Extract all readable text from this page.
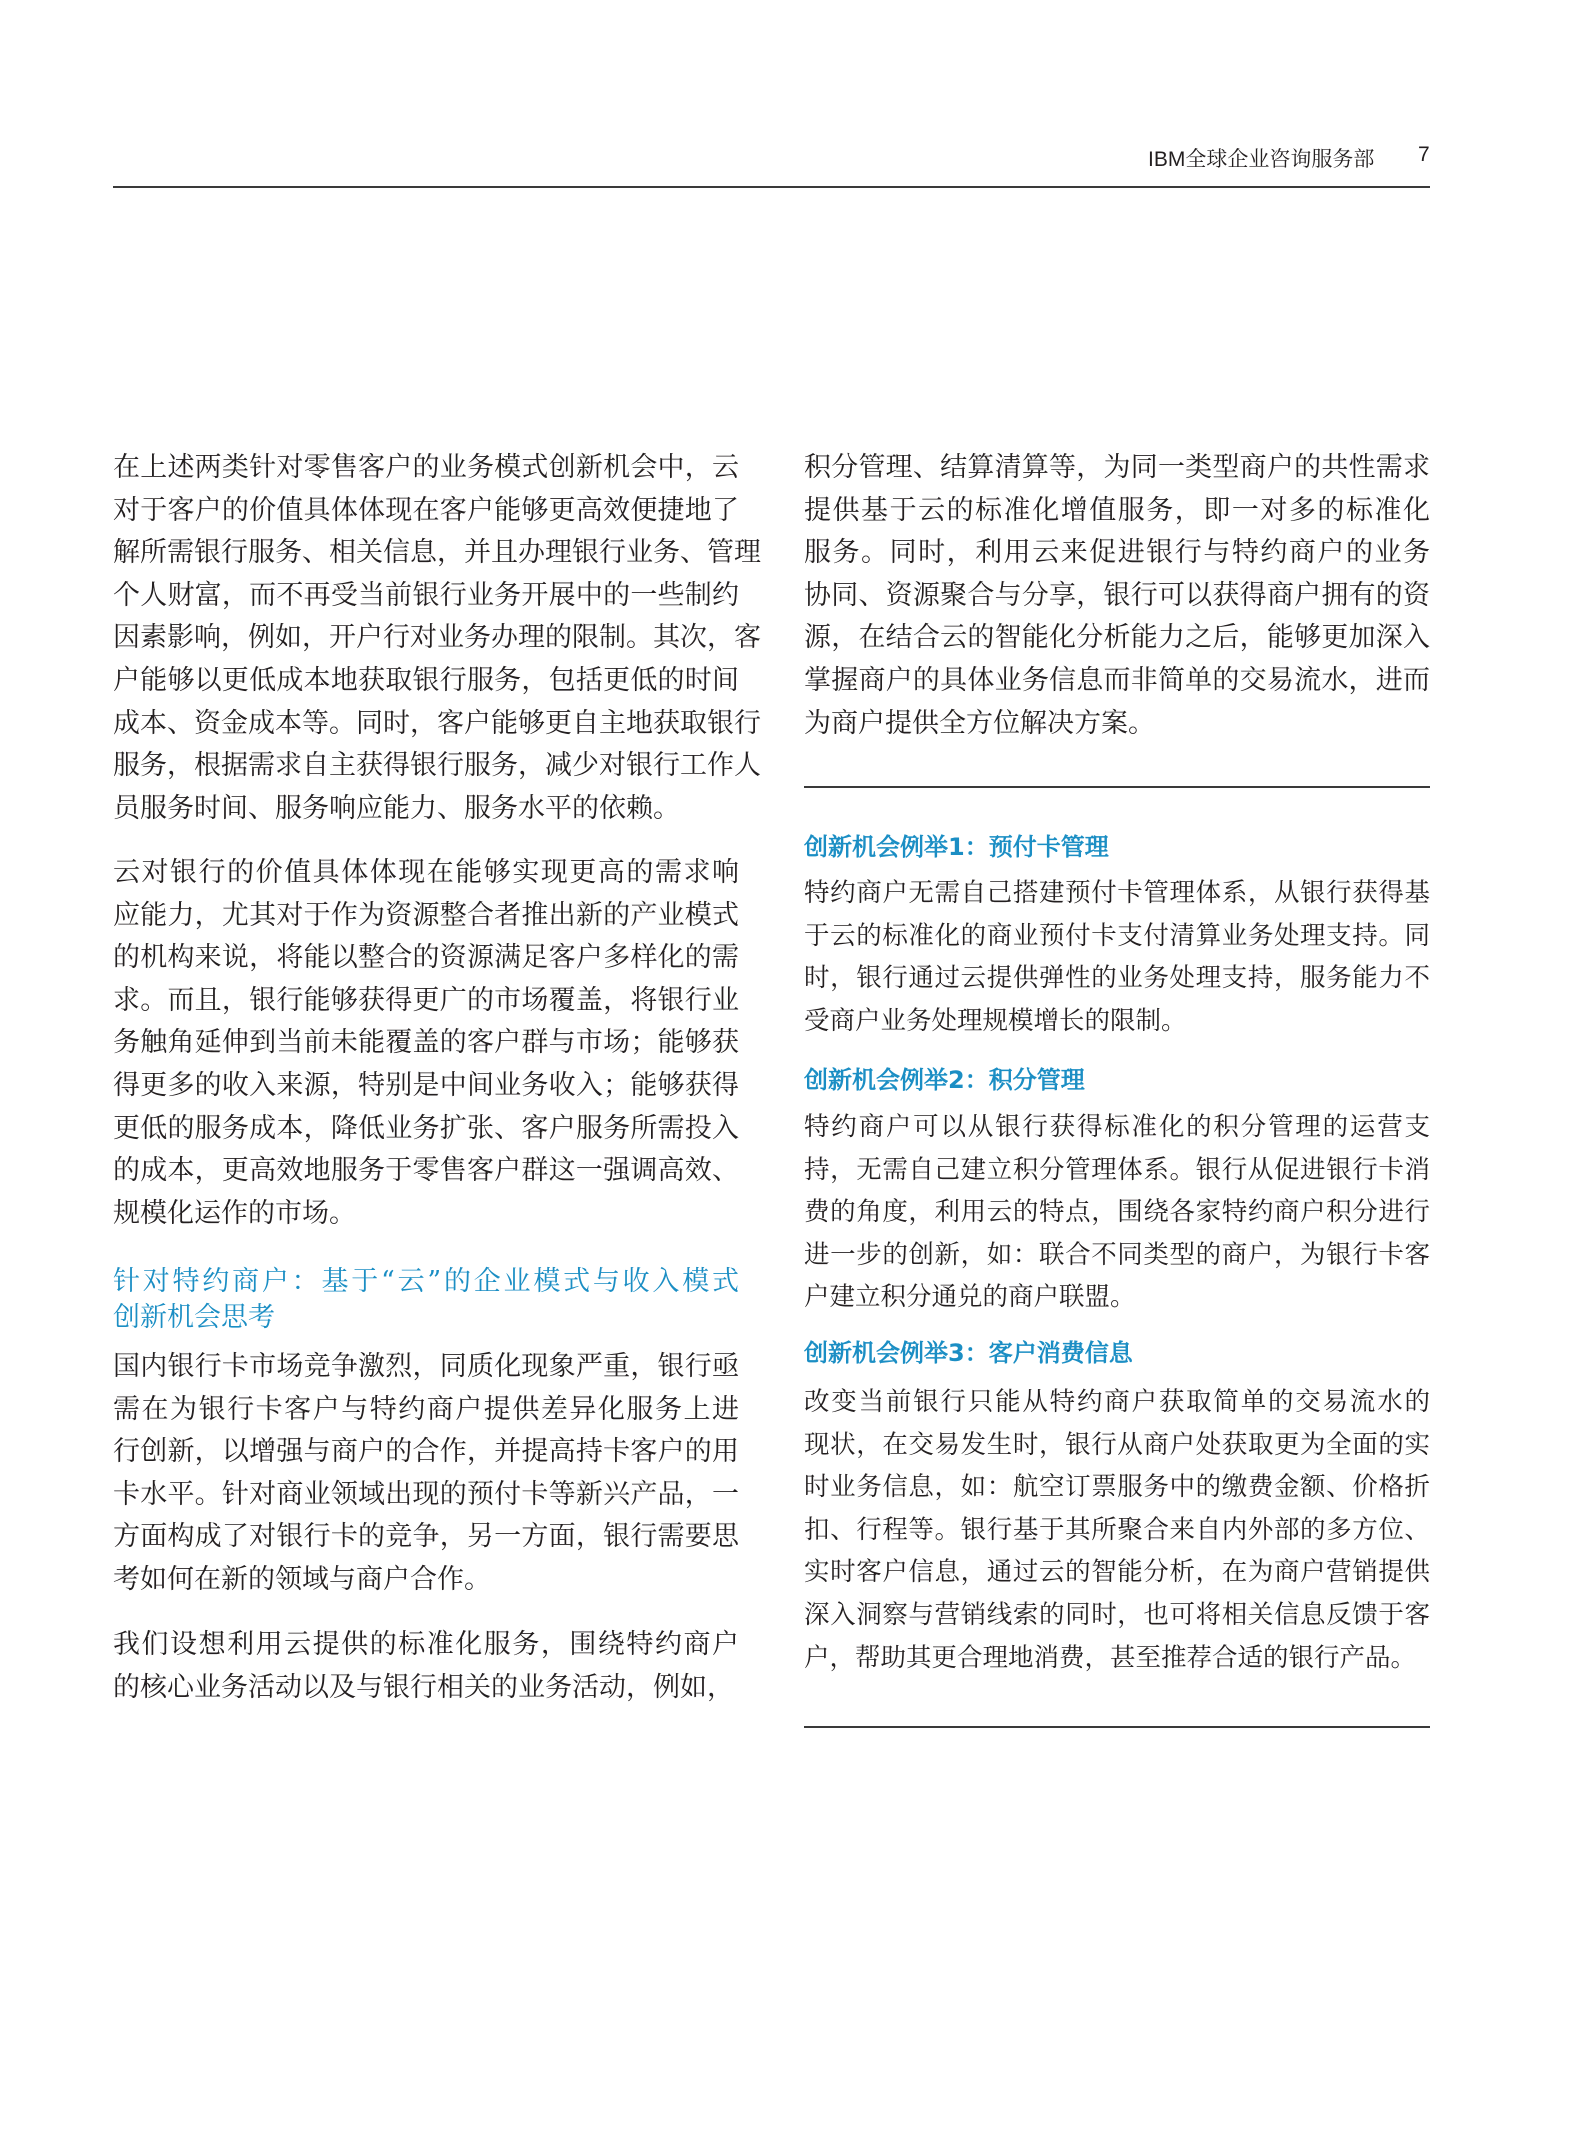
IBM全球企业咨询服务部 7
在上述两类针对零售客户的业务模式创新机会中，云
对于客户的价值具体体现在客户能够更高效便捷地了
解所需银行服务、相关信息，并且办理银行业务、管理
个人财富，而不再受当前银行业务开展中的一些制约
因素影响，例如，开户行对业务办理的限制。其次，客
户能够以更低成本地获取银行服务，包括更低的时间
成本、资金成本等。同时，客户能够更自主地获取银行
服务，根据需求自主获得银行服务，减少对银行工作人
员服务时间、服务响应能力、服务水平的依赖。
云对银行的价值具体体现在能够实现更高的需求响
应能力，尤其对于作为资源整合者推出新的产业模式
的机构来说，将能以整合的资源满足客户多样化的需
求。而且，银行能够获得更广的市场覆盖，将银行业
务触角延伸到当前未能覆盖的客户群与市场；能够获
得更多的收入来源，特别是中间业务收入；能够获得
更低的服务成本，降低业务扩张、客户服务所需投入
的成本，更高效地服务于零售客户群这一强调高效、
规模化运作的市场。
针对特约商户：基于“云”的企业模式与收入模式
创新机会思考
国内银行卡市场竞争激烈，同质化现象严重，银行亟
需在为银行卡客户与特约商户提供差异化服务上进
行创新，以增强与商户的合作，并提高持卡客户的用
卡水平。针对商业领域出现的预付卡等新兴产品，一
方面构成了对银行卡的竞争，另一方面，银行需要思
考如何在新的领域与商户合作。
我们设想利用云提供的标准化服务，围绕特约商户
的核心业务活动以及与银行相关的业务活动，例如，
积分管理、结算清算等，为同一类型商户的共性需求
提供基于云的标准化增值服务，即一对多的标准化
服务。同时，利用云来促进银行与特约商户的业务
协同、资源聚合与分享，银行可以获得商户拥有的资
源，在结合云的智能化分析能力之后，能够更加深入
掌握商户的具体业务信息而非简单的交易流水，进而
为商户提供全方位解决方案。
创新机会例举1：预付卡管理
特约商户无需自己搭建预付卡管理体系，从银行获得基
于云的标准化的商业预付卡支付清算业务处理支持。同
时，银行通过云提供弹性的业务处理支持，服务能力不
受商户业务处理规模增长的限制。
创新机会例举2：积分管理
特约商户可以从银行获得标准化的积分管理的运营支
持，无需自己建立积分管理体系。银行从促进银行卡消
费的角度，利用云的特点，围绕各家特约商户积分进行
进一步的创新，如：联合不同类型的商户，为银行卡客
户建立积分通兑的商户联盟。
创新机会例举3：客户消费信息
改变当前银行只能从特约商户获取简单的交易流水的
现状，在交易发生时，银行从商户处获取更为全面的实
时业务信息，如：航空订票服务中的缴费金额、价格折
扣、行程等。银行基于其所聚合来自内外部的多方位、
实时客户信息，通过云的智能分析，在为商户营销提供
深入洞察与营销线索的同时，也可将相关信息反馈于客
户，帮助其更合理地消费，甚至推荐合适的银行产品。
